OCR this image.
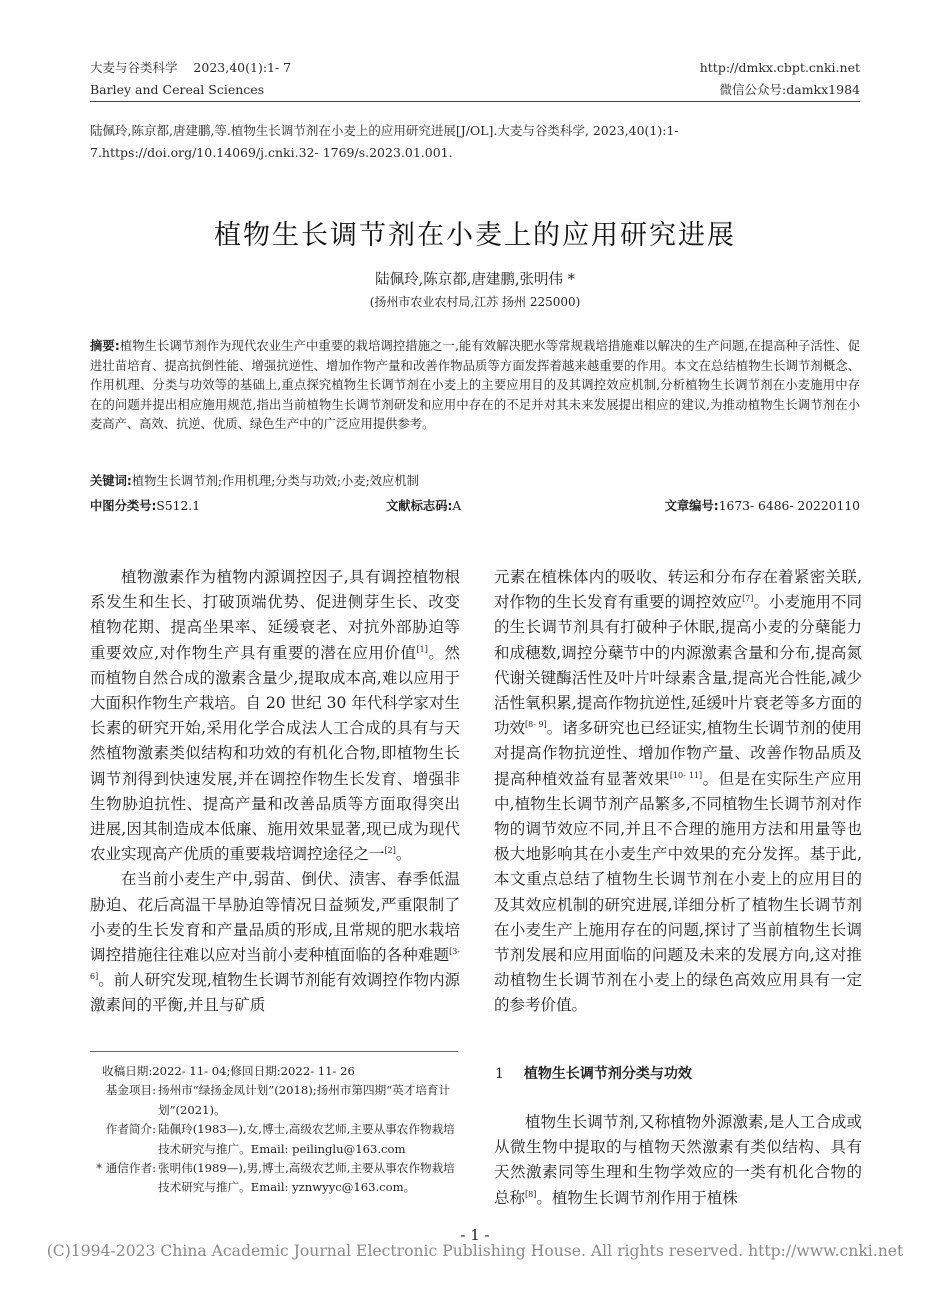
大麦与谷类科学 2023,40(1):1- 7
Barley and Cereal Sciences
http://dmkx.cbpt.cnki.net
微信公众号:damkx1984
陆佩玲,陈京都,唐建鹏,等.植物生长调节剂在小麦上的应用研究进展[J/OL].大麦与谷类科学, 2023,40(1):1- 7.https://doi.org/10.14069/j.cnki.32- 1769/s.2023.01.001.
植物生长调节剂在小麦上的应用研究进展
陆佩玲,陈京都,唐建鹏,张明伟 *
(扬州市农业农村局,江苏 扬州 225000)
摘要:植物生长调节剂作为现代农业生产中重要的栽培调控措施之一,能有效解决肥水等常规栽培措施难以解决的生产问题,在提高种子活性、促进壮苗培育、提高抗倒性能、增强抗逆性、增加作物产量和改善作物品质等方面发挥着越来越重要的作用。本文在总结植物生长调节剂概念、作用机理、分类与功效等的基础上,重点探究植物生长调节剂在小麦上的主要应用目的及其调控效应机制,分析植物生长调节剂在小麦施用中存在的问题并提出相应施用规范,指出当前植物生长调节剂研发和应用中存在的不足并对其未来发展提出相应的建议,为推动植物生长调节剂在小麦高产、高效、抗逆、优质、绿色生产中的广泛应用提供参考。
关键词:植物生长调节剂;作用机理;分类与功效;小麦;效应机制
中图分类号:S512.1	文献标志码:A	文章编号:1673- 6486- 20220110

植物激素作为植物内源调控因子,具有调控植物根系发生和生长、打破顶端优势、促进侧芽生长、改变植物花期、提高坐果率、延缓衰老、对抗外部胁迫等重要效应,对作物生产具有重要的潜在应用价值[1]。然而植物自然合成的激素含量少,提取成本高,难以应用于大面积作物生产栽培。自 20 世纪 30 年代科学家对生长素的研究开始,采用化学合成法人工合成的具有与天然植物激素类似结构和功效的有机化合物,即植物生长调节剂得到快速发展,并在调控作物生长发育、增强非生物胁迫抗性、提高产量和改善品质等方面取得突出进展,因其制造成本低廉、施用效果显著,现已成为现代农业实现高产优质的重要栽培调控途径之一[2]。

在当前小麦生产中,弱苗、倒伏、渍害、春季低温胁迫、花后高温干旱胁迫等情况日益频发,严重限制了小麦的生长发育和产量品质的形成,且常规的肥水栽培调控措施往往难以应对当前小麦种植面临的各种难题[3- 6]。前人研究发现,植物生长调节剂能有效调控作物内源激素间的平衡,并且与矿质

收稿日期:2022- 11- 04;修回日期:2022- 11- 26
基金项目: 扬州市“绿扬金凤计划”(2018);扬州市第四期“英才培育计划”(2021)。
作者简介: 陆佩玲(1983—),女,博士,高级农艺师,主要从事农作物栽培技术研究与推广。Email: peilinglu@163.com
* 通信作者: 张明伟(1989—),男,博士,高级农艺师,主要从事农作物栽培技术研究与推广。Email: yznwyyc@163.com。

元素在植株体内的吸收、转运和分布存在着紧密关联,对作物的生长发育有重要的调控效应[7]。小麦施用不同的生长调节剂具有打破种子休眠,提高小麦的分蘖能力和成穗数,调控分蘖节中的内源激素含量和分布,提高氮代谢关键酶活性及叶片叶绿素含量,提高光合性能,减少活性氧积累,提高作物抗逆性,延缓叶片衰老等多方面的功效[8- 9]。诸多研究也已经证实,植物生长调节剂的使用对提高作物抗逆性、增加作物产量、改善作物品质及提高种植效益有显著效果[10- 11]。但是在实际生产应用中,植物生长调节剂产品繁多,不同植物生长调节剂对作物的调节效应不同,并且不合理的施用方法和用量等也极大地影响其在小麦生产中效果的充分发挥。基于此,本文重点总结了植物生长调节剂在小麦上的应用目的及其效应机制的研究进展,详细分析了植物生长调节剂在小麦生产上施用存在的问题,探讨了当前植物生长调节剂发展和应用面临的问题及未来的发展方向,这对推动植物生长调节剂在小麦上的绿色高效应用具有一定的参考价值。

1 植物生长调节剂分类与功效

植物生长调节剂,又称植物外源激素,是人工合成或从微生物中提取的与植物天然激素有类似结构、具有天然激素同等生理和生物学效应的一类有机化合物的总称[8]。植物生长调节剂作用于植株

- 1 -
(C)1994-2023 China Academic Journal Electronic Publishing House. All rights reserved. http://www.cnki.net
